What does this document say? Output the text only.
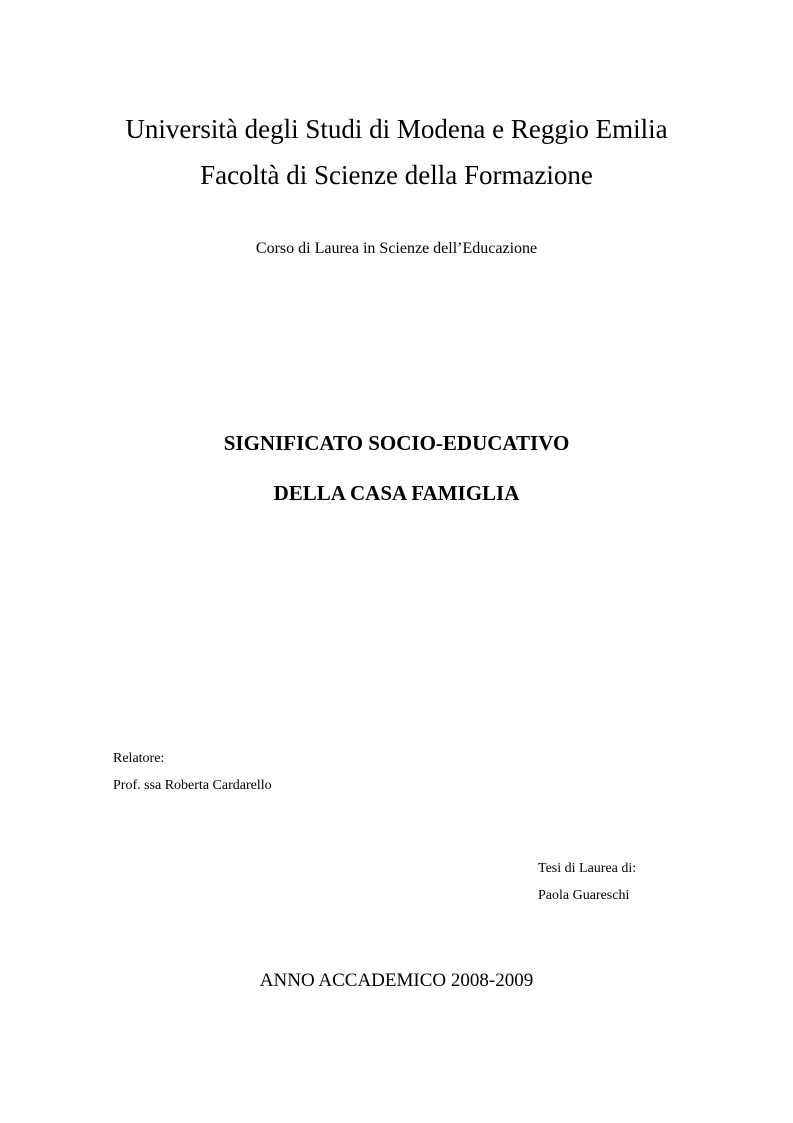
Università degli Studi di Modena e Reggio Emilia
Facoltà di Scienze della Formazione
Corso di Laurea in Scienze dell’Educazione
SIGNIFICATO SOCIO-EDUCATIVO
DELLA CASA FAMIGLIA
Relatore:
Prof. ssa Roberta Cardarello
Tesi di Laurea di:
Paola Guareschi
ANNO ACCADEMICO 2008-2009
